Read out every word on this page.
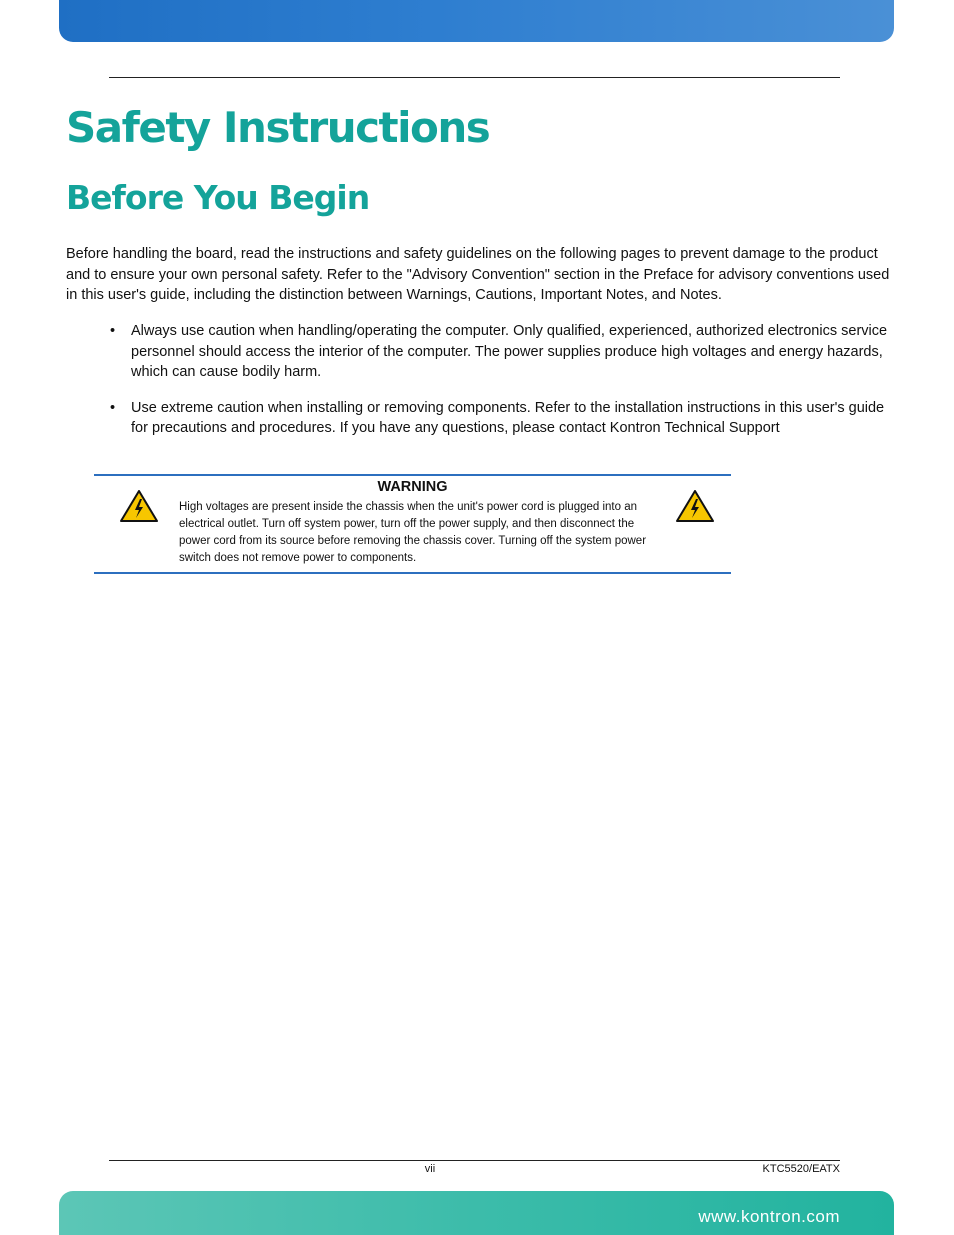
Safety Instructions
Before You Begin

Before handling the board, read the instructions and safety guidelines on the following pages to prevent damage to the product and to ensure your own personal safety. Refer to the "Advisory Convention" section in the Preface for advisory conventions used in this user's guide, including the distinction between Warnings, Cautions, Important Notes, and Notes.

• Always use caution when handling/operating the computer. Only qualified, experienced, authorized electronics service personnel should access the interior of the computer. The power supplies produce high voltages and energy hazards, which can cause bodily harm.
• Use extreme caution when installing or removing components. Refer to the installation instructions in this user's guide for precautions and procedures. If you have any questions, please contact Kontron Technical Support
WARNING

High voltages are present inside the chassis when the unit's power cord is plugged into an electrical outlet. Turn off system power, turn off the power supply, and then disconnect the power cord from its source before removing the chassis cover. Turning off the system power switch does not remove power to components.

vii	KTC5520/EATX
www.kontron.com
